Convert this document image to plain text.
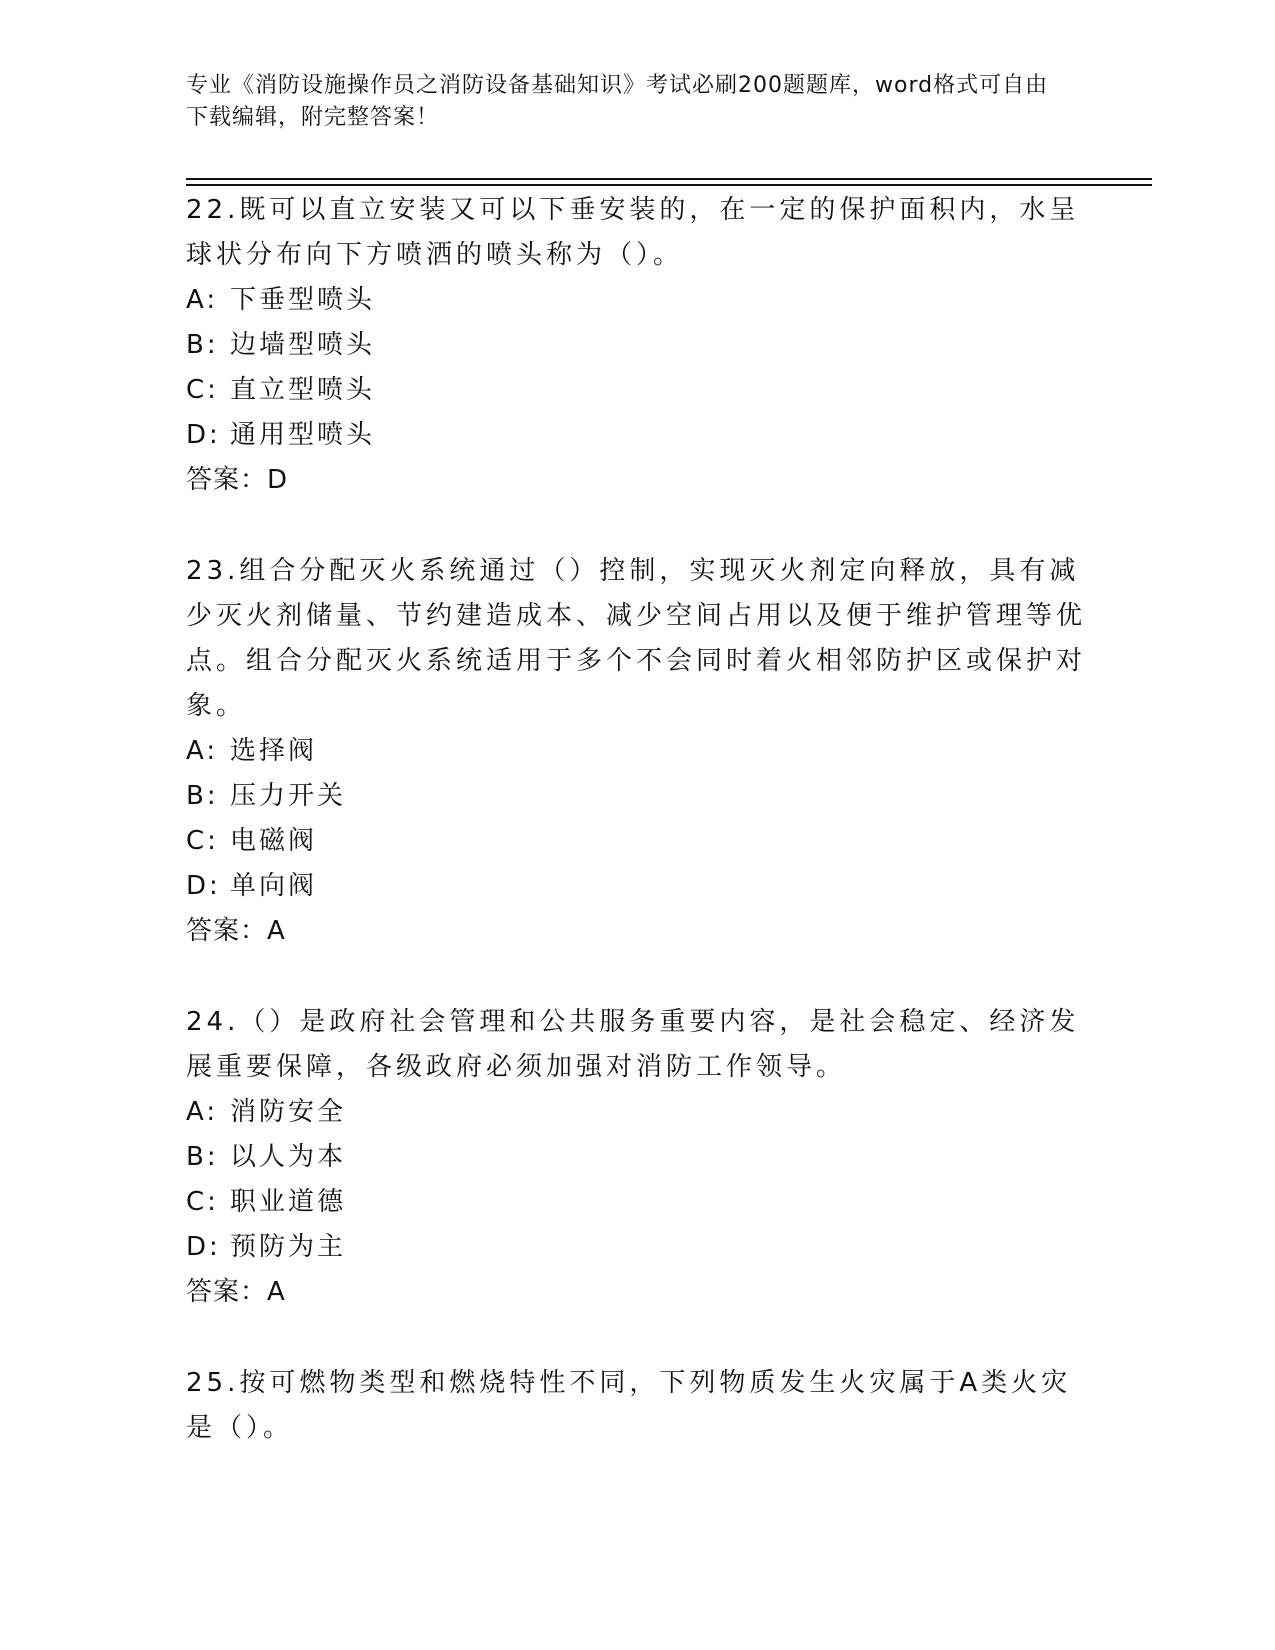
专业《消防设施操作员之消防设备基础知识》考试必刷200题题库，word格式可自由下载编辑，附完整答案！

22.既可以直立安装又可以下垂安装的，在一定的保护面积内，水呈球状分布向下方喷洒的喷头称为（）。

A: 下垂型喷头

B: 边墙型喷头

C: 直立型喷头

D: 通用型喷头

答案：D

23.组合分配灭火系统通过（）控制，实现灭火剂定向释放，具有减少灭火剂储量、节约建造成本、减少空间占用以及便于维护管理等优点。组合分配灭火系统适用于多个不会同时着火相邻防护区或保护对象。

A: 选择阀

B: 压力开关

C: 电磁阀

D: 单向阀

答案：A

24.（）是政府社会管理和公共服务重要内容，是社会稳定、经济发展重要保障，各级政府必须加强对消防工作领导。

A: 消防安全

B: 以人为本

C: 职业道德

D: 预防为主

答案：A

25.按可燃物类型和燃烧特性不同，下列物质发生火灾属于A类火灾是（）。
